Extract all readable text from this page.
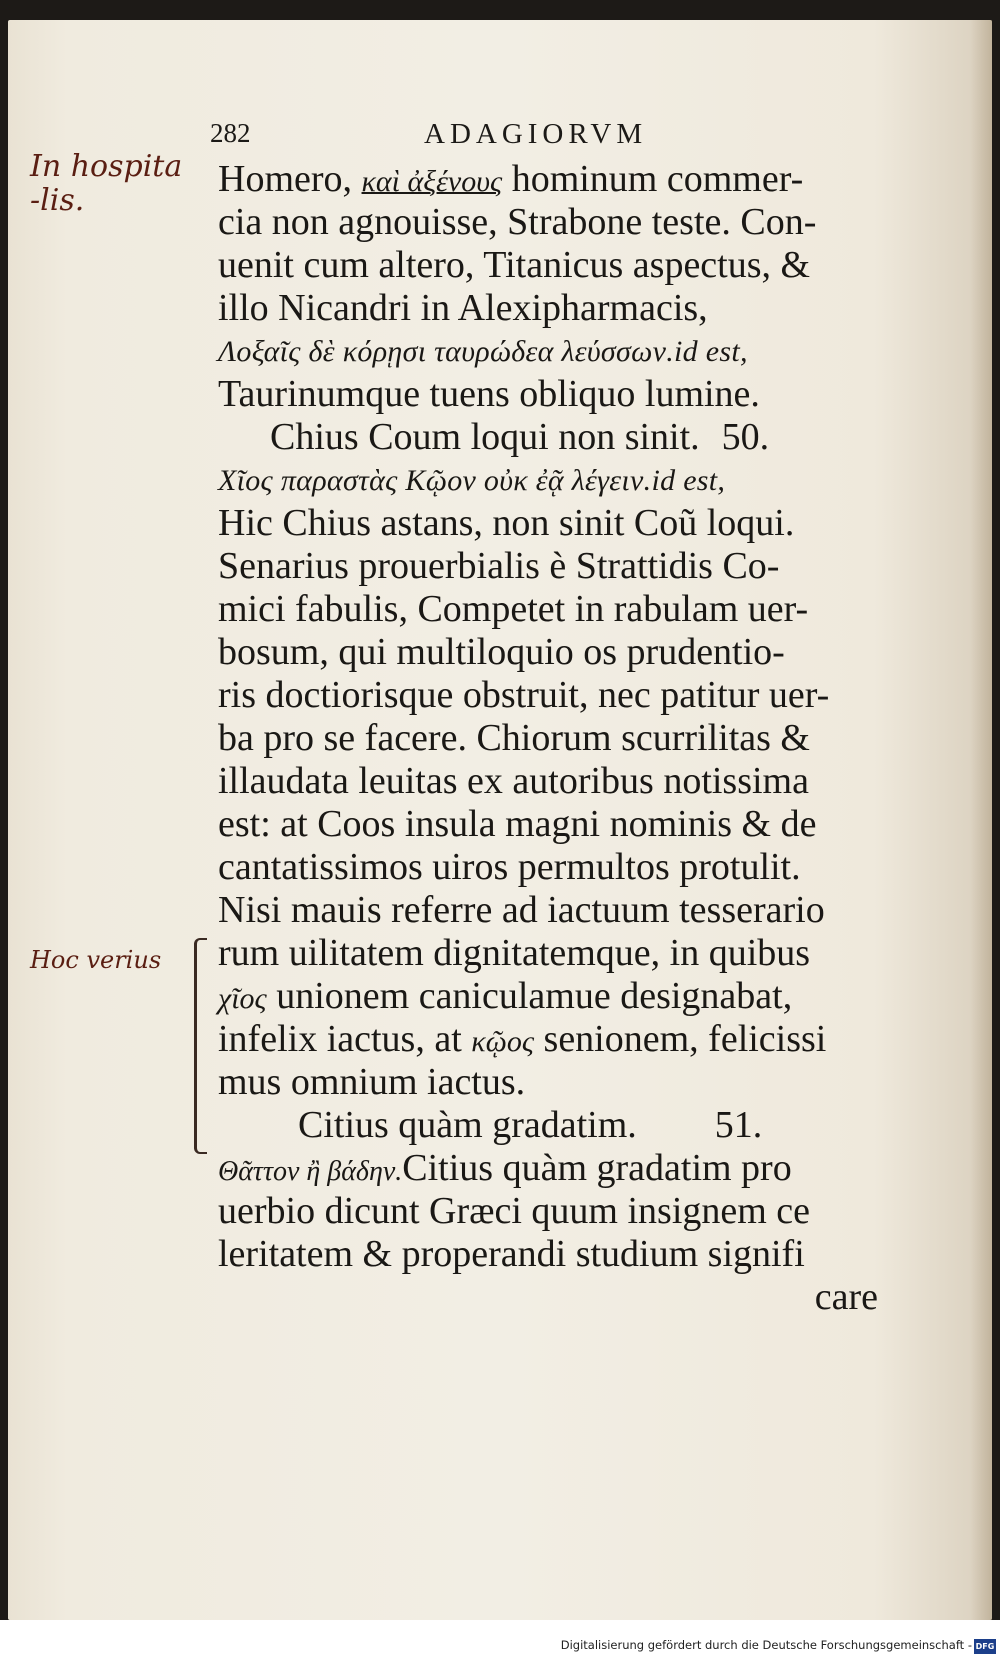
282	ADAGIORVM
In hospita
-lis.
Hoc verius
Homero, καὶ ἀξένους hominum commer-
cia non agnouisse, Strabone teste. Con-
uenit cum altero, Titanicus aspectus, &
illo Nicandri in Alexipharmacis,
Λοξαῖς δὲ κόρῃσι ταυρώδεα λεύσσων.id est,
Taurinumque tuens obliquo lumine.
Chius Coum loqui non sinit. 50.
Χῖος παραστὰς Κῷον οὐκ ἐᾷ λέγειν.id est,
Hic Chius astans, non sinit Coũ loqui.
Senarius prouerbialis è Strattidis Co-
mici fabulis, Competet in rabulam uer-
bosum, qui multiloquio os prudentio-
ris doctiorisque obstruit, nec patitur uer-
ba pro se facere. Chiorum scurrilitas &
illaudata leuitas ex autoribus notissima
est: at Coos insula magni nominis & de
cantatissimos uiros permultos protulit.
Nisi mauis referre ad iactuum tesserario
rum uilitatem dignitatemque, in quibus
χῖος unionem caniculamue designabat,
infelix iactus, at κῷος senionem, felicissi
mus omnium iactus.
Citius quàm gradatim. 51.
Θᾶττον ἢ βάδην.Citius quàm gradatim pro
uerbio dicunt Græci quum insignem ce
leritatem & properandi studium signifi
care
Digitalisierung gefördert durch die Deutsche Forschungsgemeinschaft - DFG
